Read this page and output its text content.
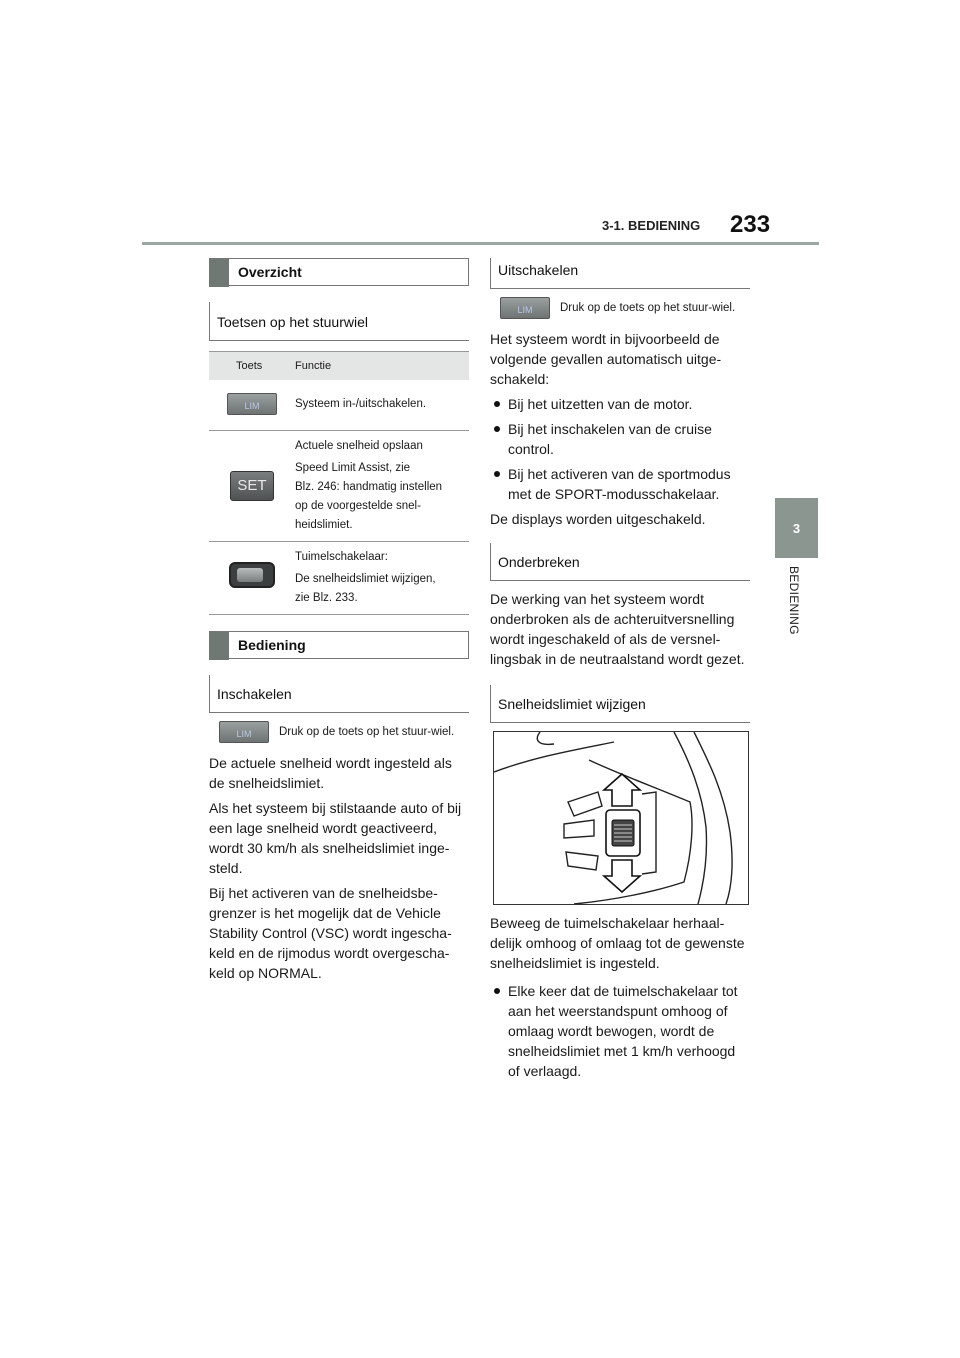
233
3-1. BEDIENING
3
BEDIENING
Overzicht
Toetsen op het stuurwiel
Toets	Functie
LIM	Systeem in-/uitschakelen.

SET	Actuele snelheid opslaan
Speed Limit Assist, zie
Blz. 246: handmatig instellen
op de voorgestelde snel-
heidslimiet.

	Tuimelschakelaar:
De snelheidslimiet wijzigen,
zie Blz. 233.
Bediening
Inschakelen
LIM	Druk op de toets op het stuur-wiel.

De actuele snelheid wordt ingesteld als de snelheidslimiet.

Als het systeem bij stilstaande auto of bij een lage snelheid wordt geactiveerd, wordt 30 km/h als snelheidslimiet inge-steld.

Bij het activeren van de snelheidsbe-grenzer is het mogelijk dat de Vehicle Stability Control (VSC) wordt ingescha-keld en de rijmodus wordt overgescha-keld op NORMAL.

Uitschakelen
LIM	Druk op de toets op het stuur-wiel.

Het systeem wordt in bijvoorbeeld de volgende gevallen automatisch uitge-schakeld:

Bij het uitzetten van de motor.
Bij het inschakelen van de cruise control.
Bij het activeren van de sportmodus met de SPORT-modusschakelaar.

De displays worden uitgeschakeld.

Onderbreken

De werking van het systeem wordt onderbroken als de achteruitversnelling wordt ingeschakeld of als de versnel-lingsbak in de neutraalstand wordt gezet.

Snelheidslimiet wijzigen

Beweeg de tuimelschakelaar herhaal-delijk omhoog of omlaag tot de gewenste snelheidslimiet is ingesteld.

Elke keer dat de tuimelschakelaar tot aan het weerstandspunt omhoog of omlaag wordt bewogen, wordt de snelheidslimiet met 1 km/h verhoogd of verlaagd.
